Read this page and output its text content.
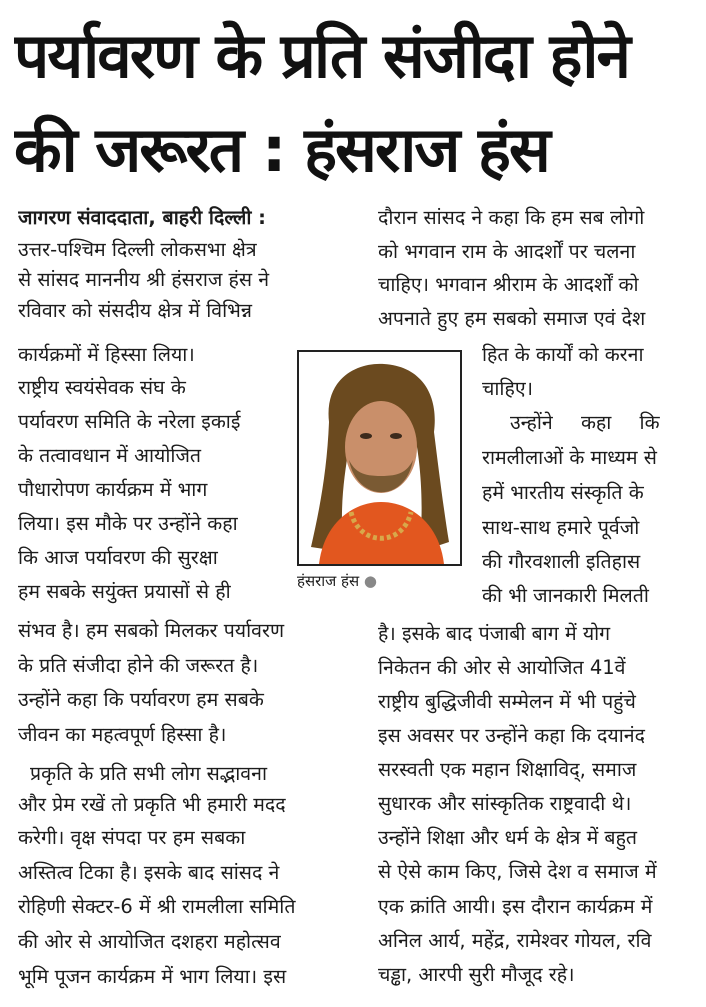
पर्यावरण के प्रति संजीदा होने
की जरूरत : हंसराज हंस
जागरण संवाददाता, बाहरी दिल्ली :
उत्तर-पश्चिम दिल्ली लोकसभा क्षेत्र
से सांसद माननीय श्री हंसराज हंस ने
रविवार को संसदीय क्षेत्र में विभिन्न
कार्यक्रमों में हिस्सा लिया।
राष्ट्रीय स्वयंसेवक संघ के
पर्यावरण समिति के नरेला इकाई
के तत्वावधान में आयोजित
पौधारोपण कार्यक्रम में भाग
लिया। इस मौके पर उन्होंने कहा
कि आज पर्यावरण की सुरक्षा
हम सबके सयुंक्त प्रयासों से ही
संभव है। हम सबको मिलकर पर्यावरण
के प्रति संजीदा होने की जरूरत है।
उन्होंने कहा कि पर्यावरण हम सबके
जीवन का महत्वपूर्ण हिस्सा है।
प्रकृति के प्रति सभी लोग सद्भावना
और प्रेम रखें तो प्रकृति भी हमारी मदद
करेगी। वृक्ष संपदा पर हम सबका
अस्तित्व टिका है। इसके बाद सांसद ने
रोहिणी सेक्टर-6 में श्री रामलीला समिति
की ओर से आयोजित दशहरा महोत्सव
भूमि पूजन कार्यक्रम में भाग लिया। इस
हंसराज हंस ●
दौरान सांसद ने कहा कि हम सब लोगो
को भगवान राम के आदर्शों पर चलना
चाहिए। भगवान श्रीराम के आदर्शों को
अपनाते हुए हम सबको समाज एवं देश
हित के कार्यों को करना
चाहिए।
उन्होंने कहा कि
रामलीलाओं के माध्यम से
हमें भारतीय संस्कृति के
साथ-साथ हमारे पूर्वजो
की गौरवशाली इतिहास
की भी जानकारी मिलती
है। इसके बाद पंजाबी बाग में योग
निकेतन की ओर से आयोजित 41वें
राष्ट्रीय बुद्धिजीवी सम्मेलन में भी पहुंचे
इस अवसर पर उन्होंने कहा कि दयानंद
सरस्वती एक महान शिक्षाविद्, समाज
सुधारक और सांस्कृतिक राष्ट्रवादी थे।
उन्होंने शिक्षा और धर्म के क्षेत्र में बहुत
से ऐसे काम किए, जिसे देश व समाज में
एक क्रांति आयी। इस दौरान कार्यक्रम में
अनिल आर्य, महेंद्र, रामेश्वर गोयल, रवि
चड्ढा, आरपी सुरी मौजूद रहे।
